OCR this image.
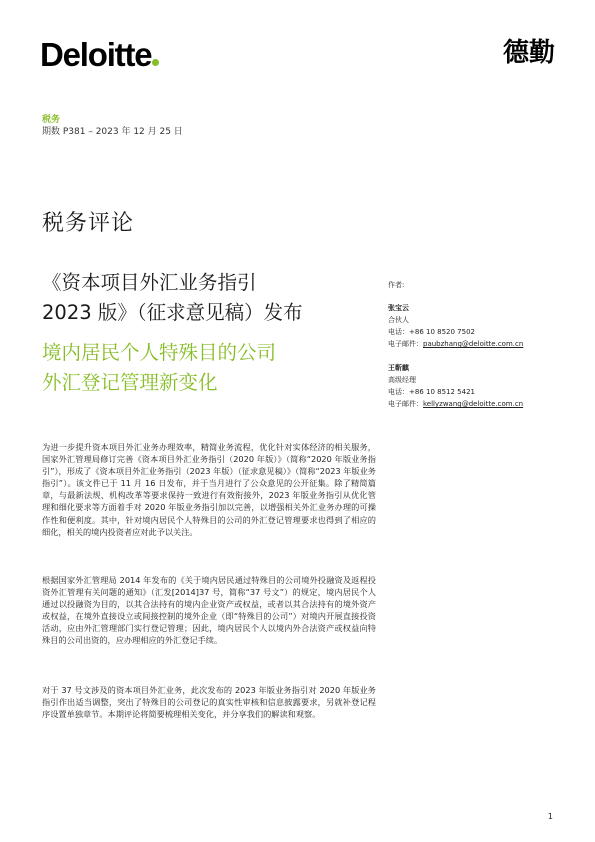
Deloitte	德勤
税务
期数 P381 – 2023 年 12 月 25 日
税务评论
《资本项目外汇业务指引
2023 版》（征求意见稿）发布
境内居民个人特殊目的公司
外汇登记管理新变化
作者:
张宝云
合伙人
电话：+86 10 8520 7502
电子邮件：paubzhang@deloitte.com.cn
王靳麒
高级经理
电话：+86 10 8512 5421
电子邮件：kellyzwang@deloitte.com.cn
为进一步提升资本项目外汇业务办理效率，精简业务流程，优化针对实体经济的相关服务，国家外汇管理局修订完善《资本项目外汇业务指引（2020 年版）》（简称“2020 年版业务指引”），形成了《资本项目外汇业务指引（2023 年版）（征求意见稿）》（简称“2023 年版业务指引”）。该文件已于 11 月 16 日发布，并于当月进行了公众意见的公开征集。除了精简篇章，与最新法规、机构改革等要求保持一致进行有效衔接外，2023 年版业务指引从优化管理和细化要求等方面着手对 2020 年版业务指引加以完善，以增强相关外汇业务办理的可操作性和便利度。其中，针对境内居民个人特殊目的公司的外汇登记管理要求也得到了相应的细化，相关的境内投资者应对此予以关注。
根据国家外汇管理局 2014 年发布的《关于境内居民通过特殊目的公司境外投融资及返程投资外汇管理有关问题的通知》（汇发[2014]37 号，简称“37 号文”）的规定，境内居民个人通过以投融资为目的，以其合法持有的境内企业资产或权益，或者以其合法持有的境外资产或权益，在境外直接设立或间接控制的境外企业（即“特殊目的公司”）对境内开展直接投资活动，应由外汇管理部门实行登记管理；因此，境内居民个人以境内外合法资产或权益向特殊目的公司出资的，应办理相应的外汇登记手续。
对于 37 号文涉及的资本项目外汇业务，此次发布的 2023 年版业务指引对 2020 年版业务指引作出适当调整，突出了特殊目的公司登记的真实性审核和信息披露要求，另就补登记程序设置单独章节。本期评论将简要梳理相关变化，并分享我们的解读和观察。
1
